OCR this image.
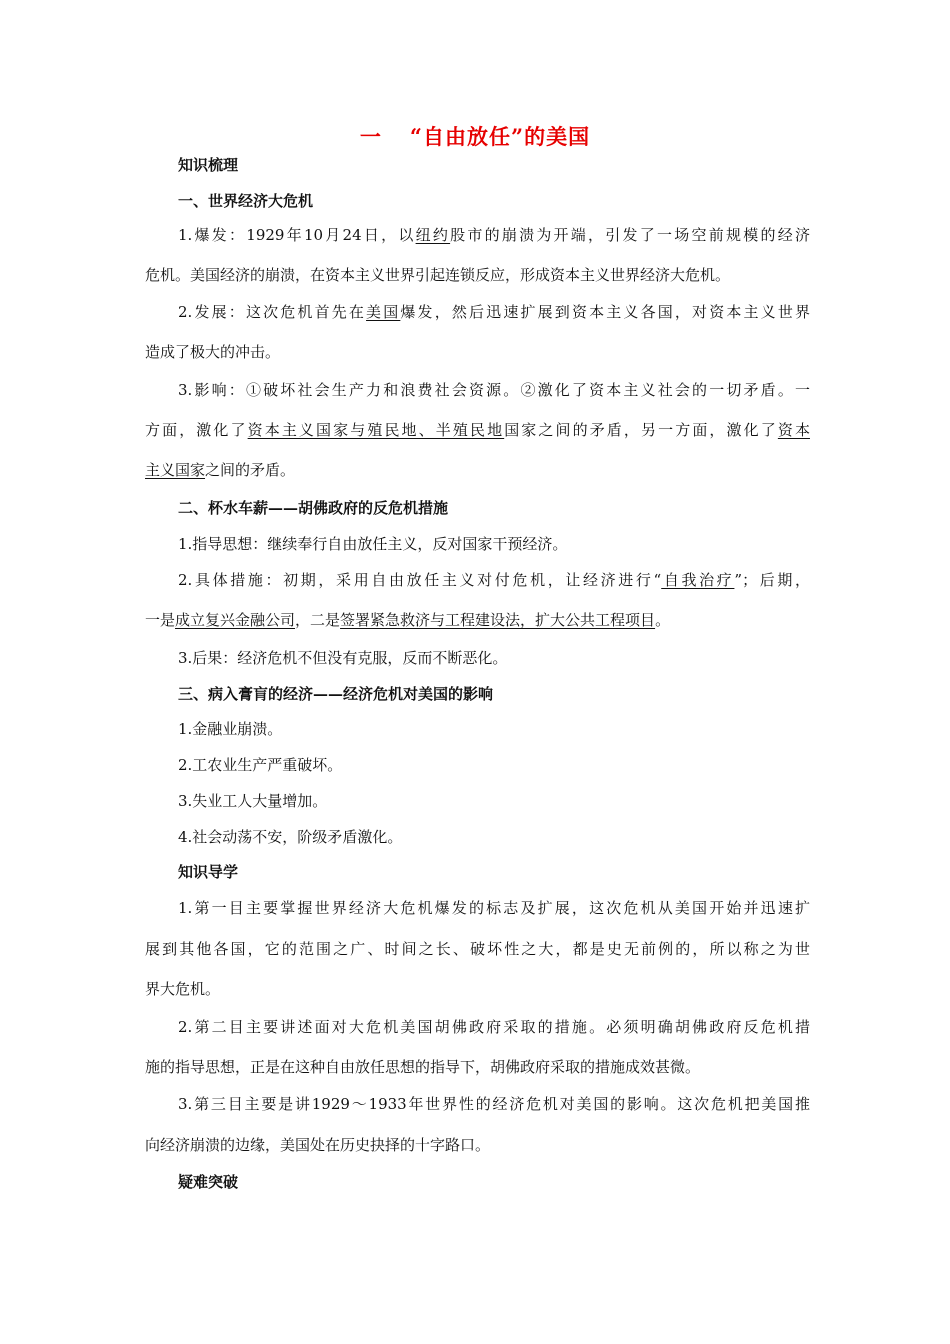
一 “自由放任”的美国
知识梳理
一、世界经济大危机
1.爆发：1929年10月24日，以纽约股市的崩溃为开端，引发了一场空前规模的经济
危机。美国经济的崩溃，在资本主义世界引起连锁反应，形成资本主义世界经济大危机。
2.发展：这次危机首先在美国爆发，然后迅速扩展到资本主义各国，对资本主义世界
造成了极大的冲击。
3.影响：①破坏社会生产力和浪费社会资源。②激化了资本主义社会的一切矛盾。一
方面，激化了资本主义国家与殖民地、半殖民地国家之间的矛盾，另一方面，激化了资本
主义国家之间的矛盾。
二、杯水车薪——胡佛政府的反危机措施
1.指导思想：继续奉行自由放任主义，反对国家干预经济。
2.具体措施：初期，采用自由放任主义对付危机，让经济进行“自我治疗”；后期，
一是成立复兴金融公司，二是签署紧急救济与工程建设法，扩大公共工程项目。
3.后果：经济危机不但没有克服，反而不断恶化。
三、病入膏肓的经济——经济危机对美国的影响
1.金融业崩溃。
2.工农业生产严重破坏。
3.失业工人大量增加。
4.社会动荡不安，阶级矛盾激化。
知识导学
1.第一目主要掌握世界经济大危机爆发的标志及扩展，这次危机从美国开始并迅速扩
展到其他各国，它的范围之广、时间之长、破坏性之大，都是史无前例的，所以称之为世
界大危机。
2.第二目主要讲述面对大危机美国胡佛政府采取的措施。必须明确胡佛政府反危机措
施的指导思想，正是在这种自由放任思想的指导下，胡佛政府采取的措施成效甚微。
3.第三目主要是讲1929～1933年世界性的经济危机对美国的影响。这次危机把美国推
向经济崩溃的边缘，美国处在历史抉择的十字路口。
疑难突破
